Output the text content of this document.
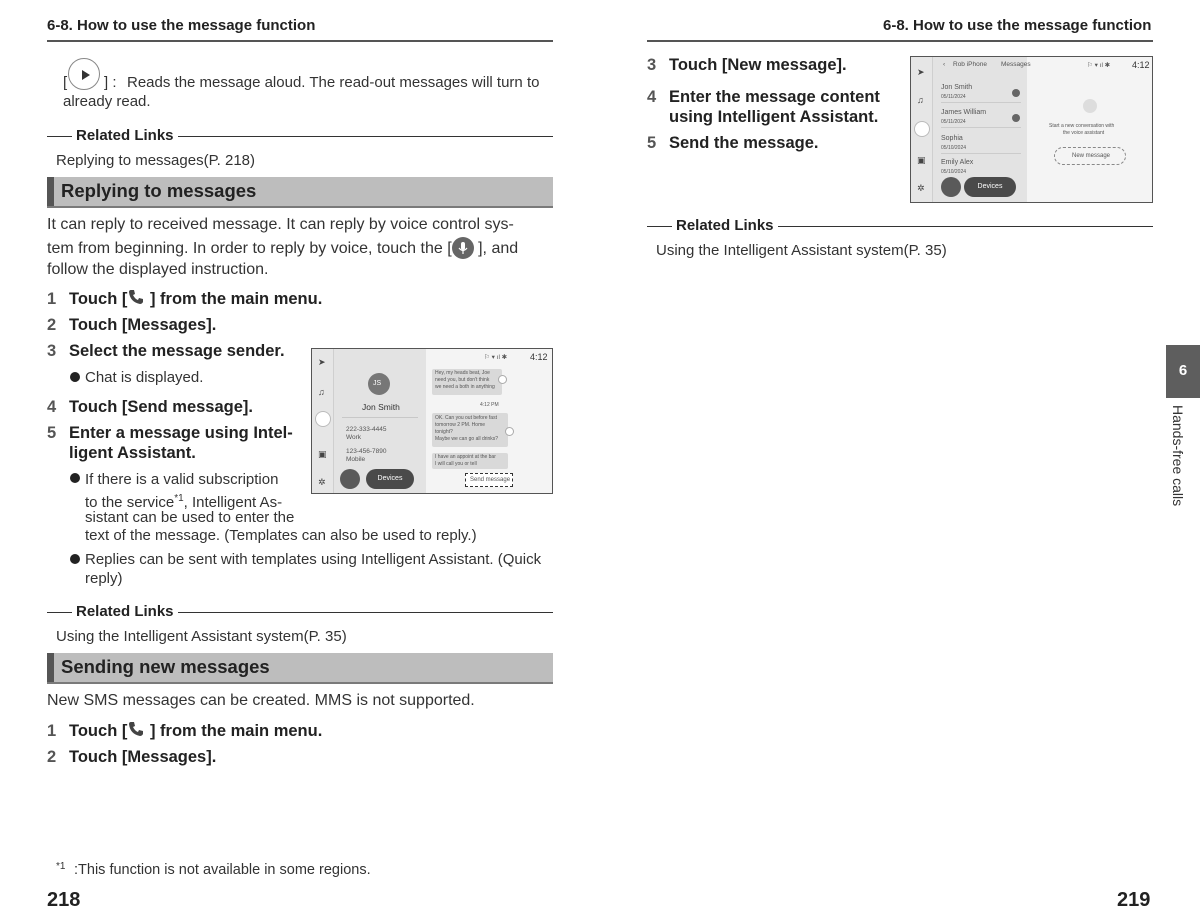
6-8. How to use the message function
[ ] : Reads the message aloud. The read-out messages will turn to
already read.
Related Links
Replying to messages(P. 218)
Replying to messages
It can reply to received message. It can reply by voice control sys-
tem from beginning. In order to reply by voice, touch the [ ], and
follow the displayed instruction.
1 Touch [ ] from the main menu.
2 Touch [Messages].
3 Select the message sender.
Chat is displayed.
4 Touch [Send message].
5 Enter a message using Intel-
ligent Assistant.
If there is a valid subscription
to the service$^{*1}$, Intelligent As-
sistant can be used to enter the
text of the message. (Templates can also be used to reply.)
Replies can be sent with templates using Intelligent Assistant. (Quick
reply)
➤
♫
▣
✲
4:12
⚐ ▾ ıl ✱
JS
Jon Smith
222-333-4445
Work
123-456-7890
Mobile
Devices
Hey, my heads beat, Joe
need you, but don't think
we need a both in anything
4:12 PM
OK. Can you out before fast
tomorrow 2 PM. Home
tonight?
Maybe we can go all drinks?
I have an appoint at the bar
I will call you or tell
Send message
Related Links
Using the Intelligent Assistant system(P. 35)
Sending new messages
New SMS messages can be created. MMS is not supported.
1 Touch [ ] from the main menu.
2 Touch [Messages].
*1 :This function is not available in some regions.
218
6-8. How to use the message function
3 Touch [New message].
4 Enter the message content
using Intelligent Assistant.
5 Send the message.
➤
♫
▣
✲
‹ Rob iPhone Messages	⚐ ▾ ıl ✱ 4:12
Jon Smith
05/11/2024
James William
05/11/2024
Sophia
05/10/2024
Emily Alex
05/10/2024
Devices
Start a new conversation with
the voice assistant
New message
Related Links
Using the Intelligent Assistant system(P. 35)
6
Hands-free calls
219
